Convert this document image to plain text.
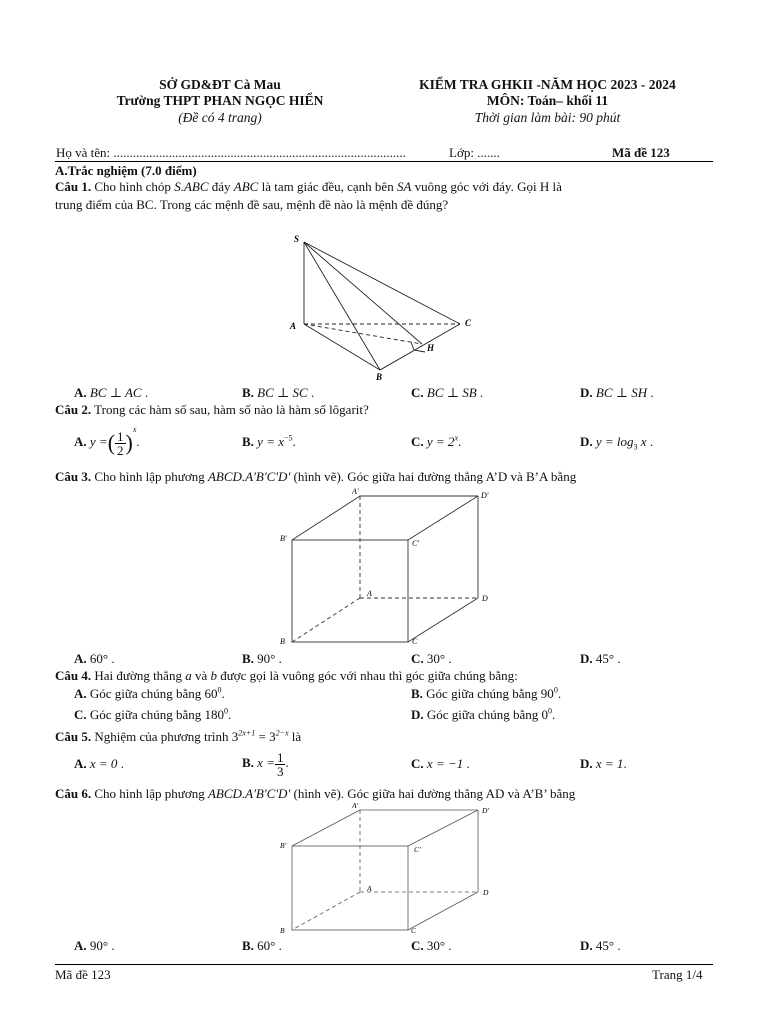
SỞ GD&ĐT Cà Mau
Trường THPT PHAN NGỌC HIỂN
(Đề có 4 trang)
KIỂM TRA GHKII -NĂM HỌC 2023 - 2024
MÔN: Toán– khối 11
Thời gian làm bài: 90 phút
Họ và tên: ..........................................................................................	Lớp: .......	Mã đề 123
A.Trắc nghiệm (7.0 điểm)
Câu 1. Cho hình chóp S.ABC đáy ABC là tam giác đều, cạnh bên SA vuông góc với đáy. Gọi H là
trung điểm của BC. Trong các mệnh đề sau, mệnh đề nào là mệnh đề đúng?
S
A
B
C
H
A. BC ⊥ AC .	B. BC ⊥ SC .	C. BC ⊥ SB .	D. BC ⊥ SH .
Câu 2. Trong các hàm số sau, hàm số nào là hàm số lôgarit?
A. y =( $\frac{1}{2} )^x$.	B. $y = x^{-5}$.	C. $y = 2^x$.	D. $y = \log_3 x$ .
Câu 3. Cho hình lập phương ABCD.A'B'C'D' (hình vẽ). Góc giữa hai đường thẳng A’D và B’A bằng
A'	D'
B'
C'
A
D
B	C
A. 60° .	B. 90° .	C. 30° .	D. 45° .
Câu 4. Hai đường thẳng a và b được gọi là vuông góc với nhau thì góc giữa chúng bằng:
A. Góc giữa chúng bằng $60^0$.	B. Góc giữa chúng bằng $90^0$.
C. Góc giữa chúng bằng $180^0$.	D. Góc giữa chúng bằng $0^0$.
Câu 5. Nghiệm của phương trình $3^{2x+1} = 3^{2-x}$ là
A. x = 0 .	B. $x = \frac{1}{3}$ .	C. x = −1 .	D. x = 1.
Câu 6. Cho hình lập phương ABCD.A'B'C'D' (hình vẽ). Góc giữa hai đường thẳng AD và A’B’ bằng
A'
D'
B'	C'
A	D
B	C
A. 90° .	B. 60° .	C. 30° .	D. 45° .
Mã đề 123	Trang 1/4
